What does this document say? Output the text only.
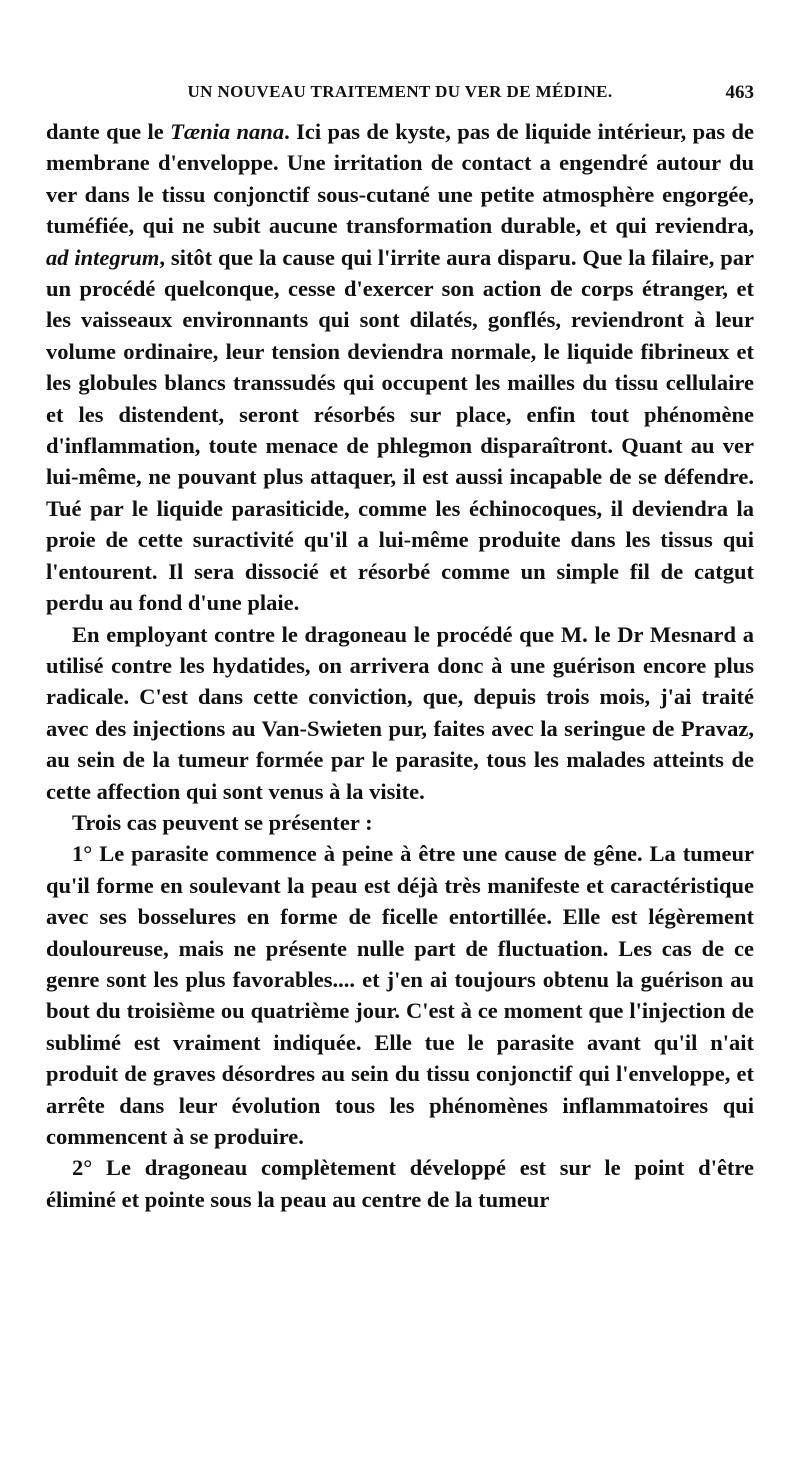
UN NOUVEAU TRAITEMENT DU VER DE MÉDINE.	463

dante que le Tænia nana. Ici pas de kyste, pas de liquide intérieur, pas de membrane d'enveloppe. Une irritation de contact a engendré autour du ver dans le tissu conjonctif sous-cutané une petite atmosphère engorgée, tuméfiée, qui ne subit aucune transformation durable, et qui reviendra, ad integrum, sitôt que la cause qui l'irrite aura disparu. Que la filaire, par un procédé quelconque, cesse d'exercer son action de corps étranger, et les vaisseaux environnants qui sont dilatés, gonflés, reviendront à leur volume ordinaire, leur tension deviendra normale, le liquide fibrineux et les globules blancs transsudés qui occupent les mailles du tissu cellulaire et les distendent, seront résorbés sur place, enfin tout phénomène d'inflammation, toute menace de phlegmon disparaîtront. Quant au ver lui-même, ne pouvant plus attaquer, il est aussi incapable de se défendre. Tué par le liquide parasiticide, comme les échinocoques, il deviendra la proie de cette suractivité qu'il a lui-même produite dans les tissus qui l'entourent. Il sera dissocié et résorbé comme un simple fil de catgut perdu au fond d'une plaie.

En employant contre le dragoneau le procédé que M. le Dr Mesnard a utilisé contre les hydatides, on arrivera donc à une guérison encore plus radicale. C'est dans cette conviction, que, depuis trois mois, j'ai traité avec des injections au Van-Swieten pur, faites avec la seringue de Pravaz, au sein de la tumeur formée par le parasite, tous les malades atteints de cette affection qui sont venus à la visite.

Trois cas peuvent se présenter :

1° Le parasite commence à peine à être une cause de gêne. La tumeur qu'il forme en soulevant la peau est déjà très manifeste et caractéristique avec ses bosselures en forme de ficelle entortillée. Elle est légèrement douloureuse, mais ne présente nulle part de fluctuation. Les cas de ce genre sont les plus favorables.... et j'en ai toujours obtenu la guérison au bout du troisième ou quatrième jour. C'est à ce moment que l'injection de sublimé est vraiment indiquée. Elle tue le parasite avant qu'il n'ait produit de graves désordres au sein du tissu conjonctif qui l'enveloppe, et arrête dans leur évolution tous les phénomènes inflammatoires qui commencent à se produire.

2° Le dragoneau complètement développé est sur le point d'être éliminé et pointe sous la peau au centre de la tumeur
